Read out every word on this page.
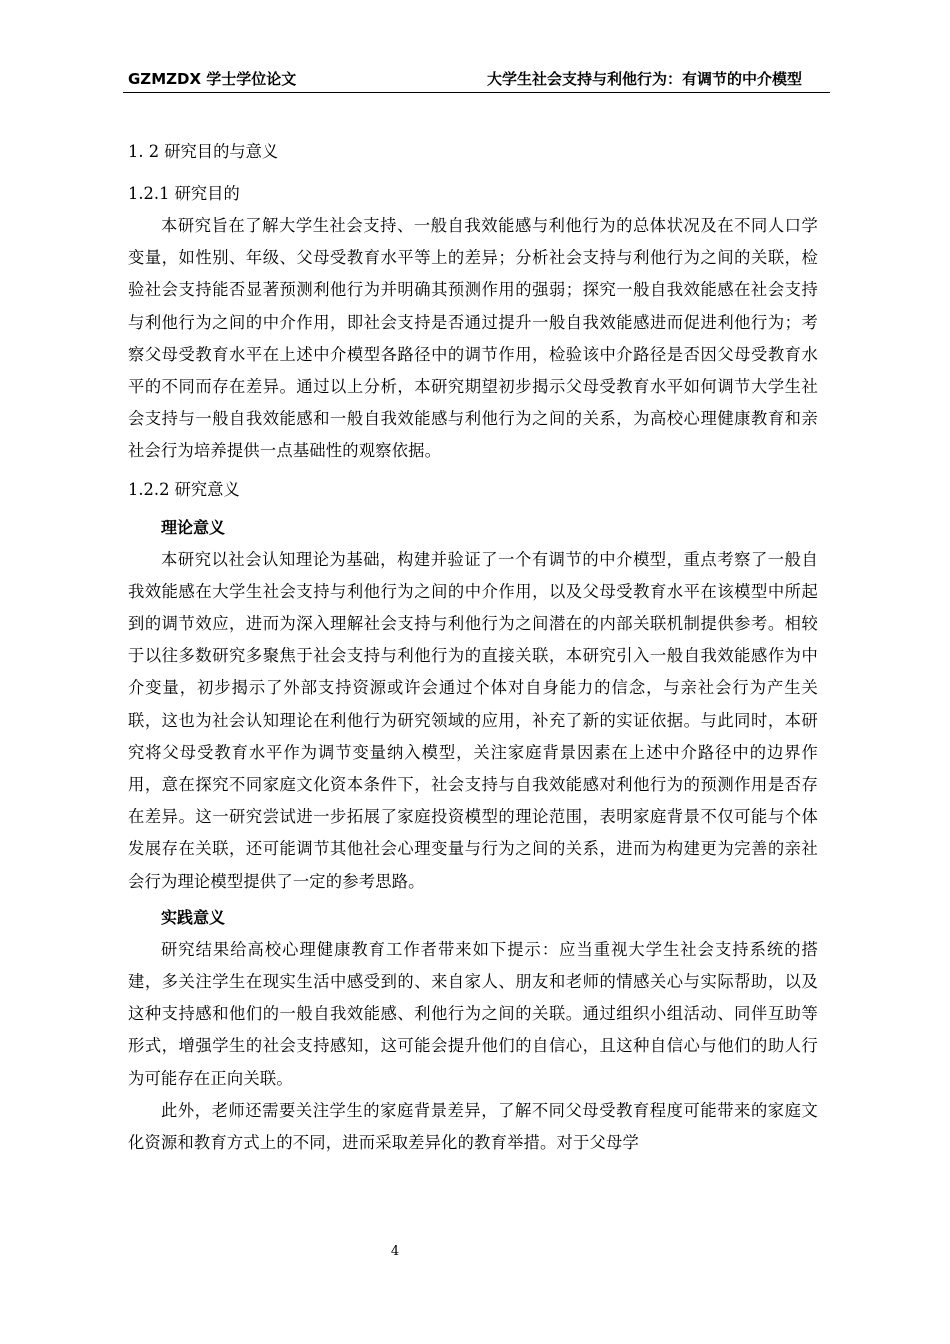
GZMZDX 学士学位论文	大学生社会支持与利他行为：有调节的中介模型

1. 2 研究目的与意义

1.2.1 研究目的

本研究旨在了解大学生社会支持、一般自我效能感与利他行为的总体状况及在不同人口学变量，如性别、年级、父母受教育水平等上的差异；分析社会支持与利他行为之间的关联，检验社会支持能否显著预测利他行为并明确其预测作用的强弱；探究一般自我效能感在社会支持与利他行为之间的中介作用，即社会支持是否通过提升一般自我效能感进而促进利他行为；考察父母受教育水平在上述中介模型各路径中的调节作用，检验该中介路径是否因父母受教育水平的不同而存在差异。通过以上分析，本研究期望初步揭示父母受教育水平如何调节大学生社会支持与一般自我效能感和一般自我效能感与利他行为之间的关系，为高校心理健康教育和亲社会行为培养提供一点基础性的观察依据。

1.2.2 研究意义

理论意义

本研究以社会认知理论为基础，构建并验证了一个有调节的中介模型，重点考察了一般自我效能感在大学生社会支持与利他行为之间的中介作用，以及父母受教育水平在该模型中所起到的调节效应，进而为深入理解社会支持与利他行为之间潜在的内部关联机制提供参考。相较于以往多数研究多聚焦于社会支持与利他行为的直接关联，本研究引入一般自我效能感作为中介变量，初步揭示了外部支持资源或许会通过个体对自身能力的信念，与亲社会行为产生关联，这也为社会认知理论在利他行为研究领域的应用，补充了新的实证依据。与此同时，本研究将父母受教育水平作为调节变量纳入模型，关注家庭背景因素在上述中介路径中的边界作用，意在探究不同家庭文化资本条件下，社会支持与自我效能感对利他行为的预测作用是否存在差异。这一研究尝试进一步拓展了家庭投资模型的理论范围，表明家庭背景不仅可能与个体发展存在关联，还可能调节其他社会心理变量与行为之间的关系，进而为构建更为完善的亲社会行为理论模型提供了一定的参考思路。

实践意义

研究结果给高校心理健康教育工作者带来如下提示：应当重视大学生社会支持系统的搭建，多关注学生在现实生活中感受到的、来自家人、朋友和老师的情感关心与实际帮助，以及这种支持感和他们的一般自我效能感、利他行为之间的关联。通过组织小组活动、同伴互助等形式，增强学生的社会支持感知，这可能会提升他们的自信心，且这种自信心与他们的助人行为可能存在正向关联。

此外，老师还需要关注学生的家庭背景差异，了解不同父母受教育程度可能带来的家庭文化资源和教育方式上的不同，进而采取差异化的教育举措。对于父母学

4
